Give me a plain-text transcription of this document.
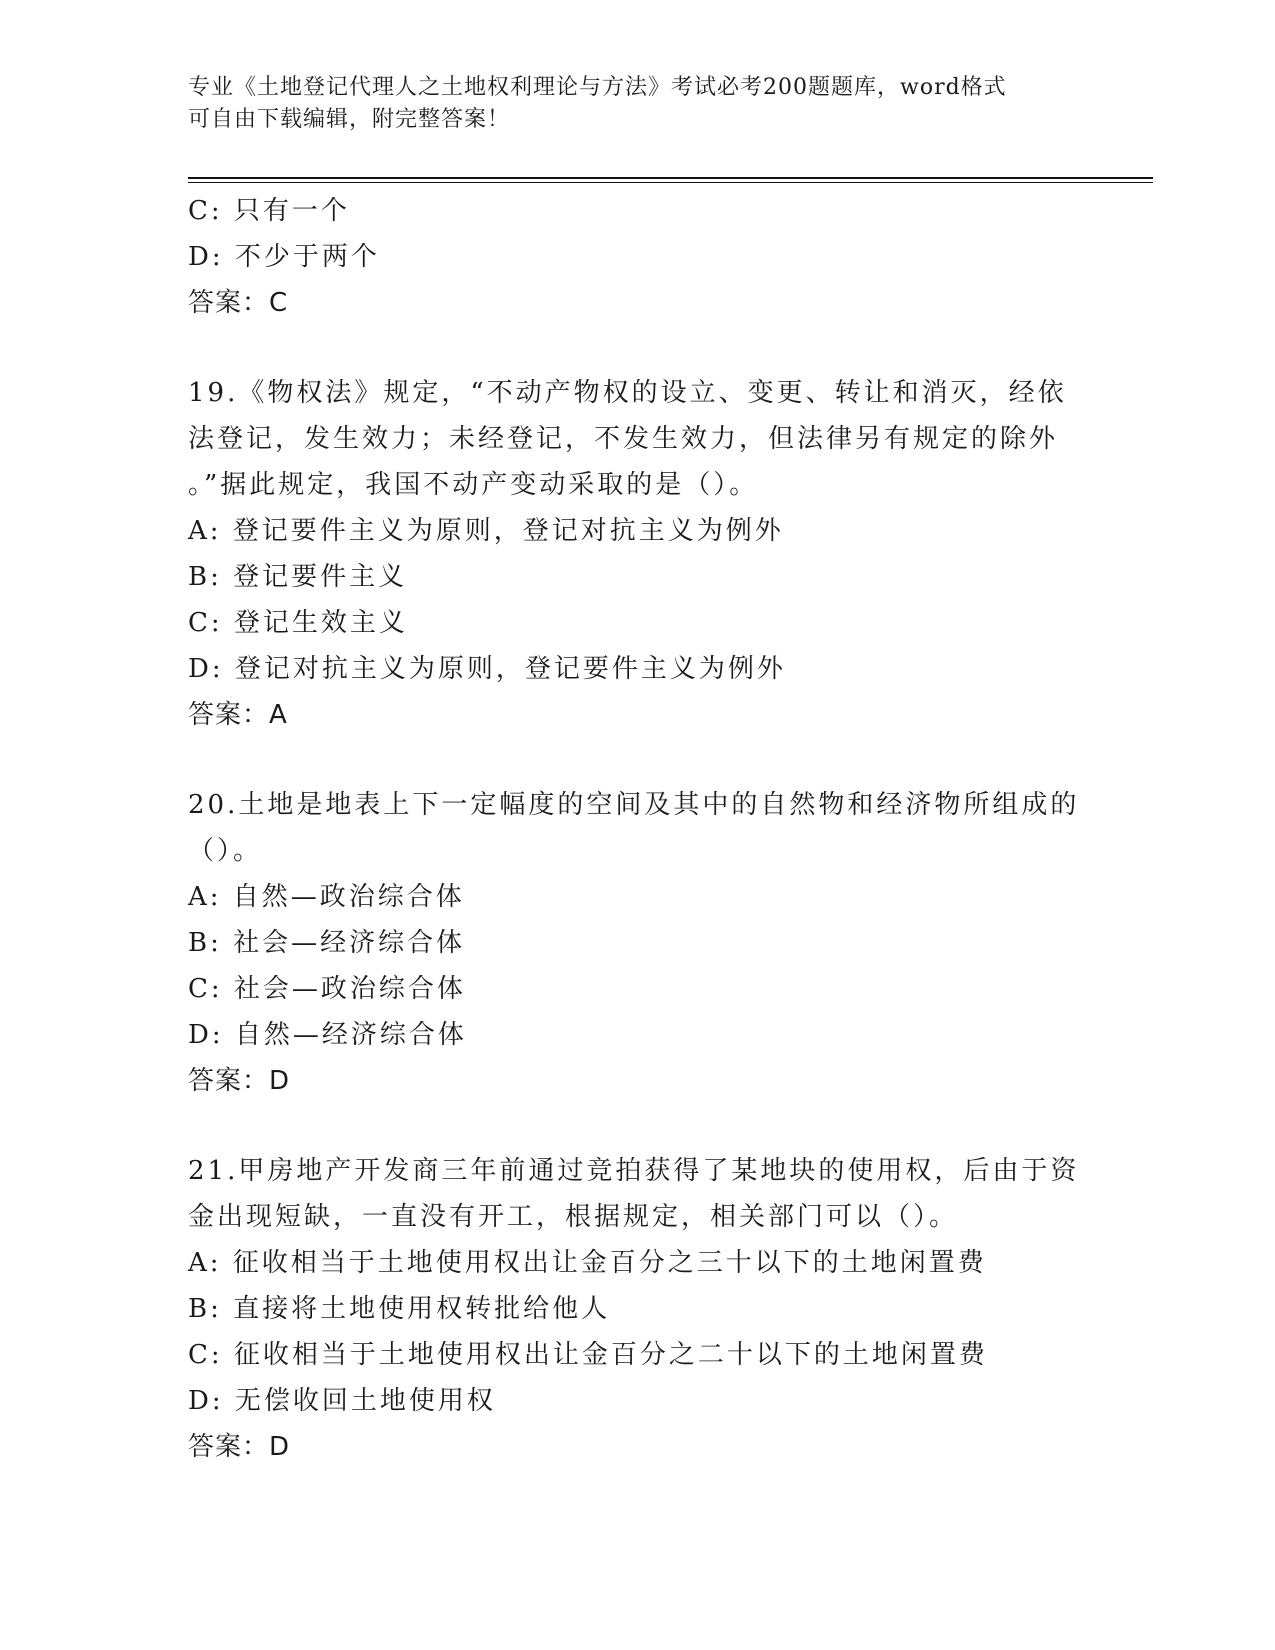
专业《土地登记代理人之土地权利理论与方法》考试必考200题题库，word格式
可自由下载编辑，附完整答案！
C: 只有一个
D: 不少于两个
答案：C
19.《物权法》规定，“不动产物权的设立、变更、转让和消灭，经依
法登记，发生效力；未经登记，不发生效力，但法律另有规定的除外
。”据此规定，我国不动产变动采取的是（）。
A: 登记要件主义为原则，登记对抗主义为例外
B: 登记要件主义
C: 登记生效主义
D: 登记对抗主义为原则，登记要件主义为例外
答案：A
20.土地是地表上下一定幅度的空间及其中的自然物和经济物所组成的
（）。
A: 自然—政治综合体
B: 社会—经济综合体
C: 社会—政治综合体
D: 自然—经济综合体
答案：D
21.甲房地产开发商三年前通过竞拍获得了某地块的使用权，后由于资
金出现短缺，一直没有开工，根据规定，相关部门可以（）。
A: 征收相当于土地使用权出让金百分之三十以下的土地闲置费
B: 直接将土地使用权转批给他人
C: 征收相当于土地使用权出让金百分之二十以下的土地闲置费
D: 无偿收回土地使用权
答案：D
